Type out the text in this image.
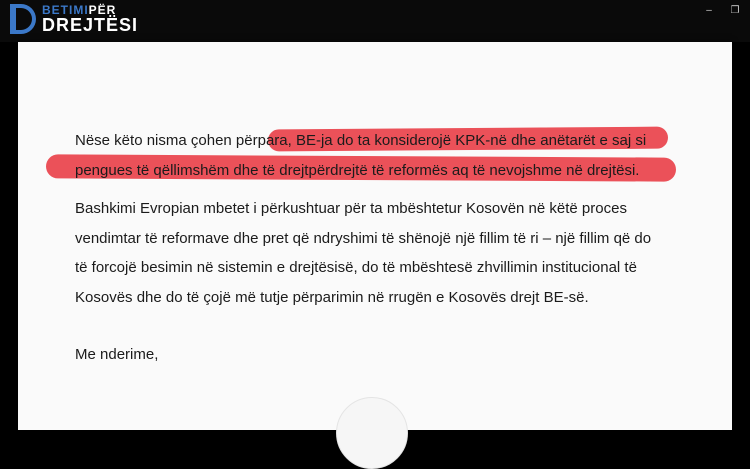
BETIMIPËR
DREJTËSI
– ❐
Nëse këto nisma çohen përpara, BE-ja do ta konsiderojë KPK-në dhe anëtarët e saj si
pengues të qëllimshëm dhe të drejtpërdrejtë të reformës aq të nevojshme në drejtësi.
Bashkimi Evropian mbetet i përkushtuar për ta mbështetur Kosovën në këtë proces
vendimtar të reformave dhe pret që ndryshimi të shënojë një fillim të ri – një fillim që do
të forcojë besimin në sistemin e drejtësisë, do të mbështesë zhvillimin institucional të
Kosovës dhe do të çojë më tutje përparimin në rrugën e Kosovës drejt BE-së.
Me nderime,
